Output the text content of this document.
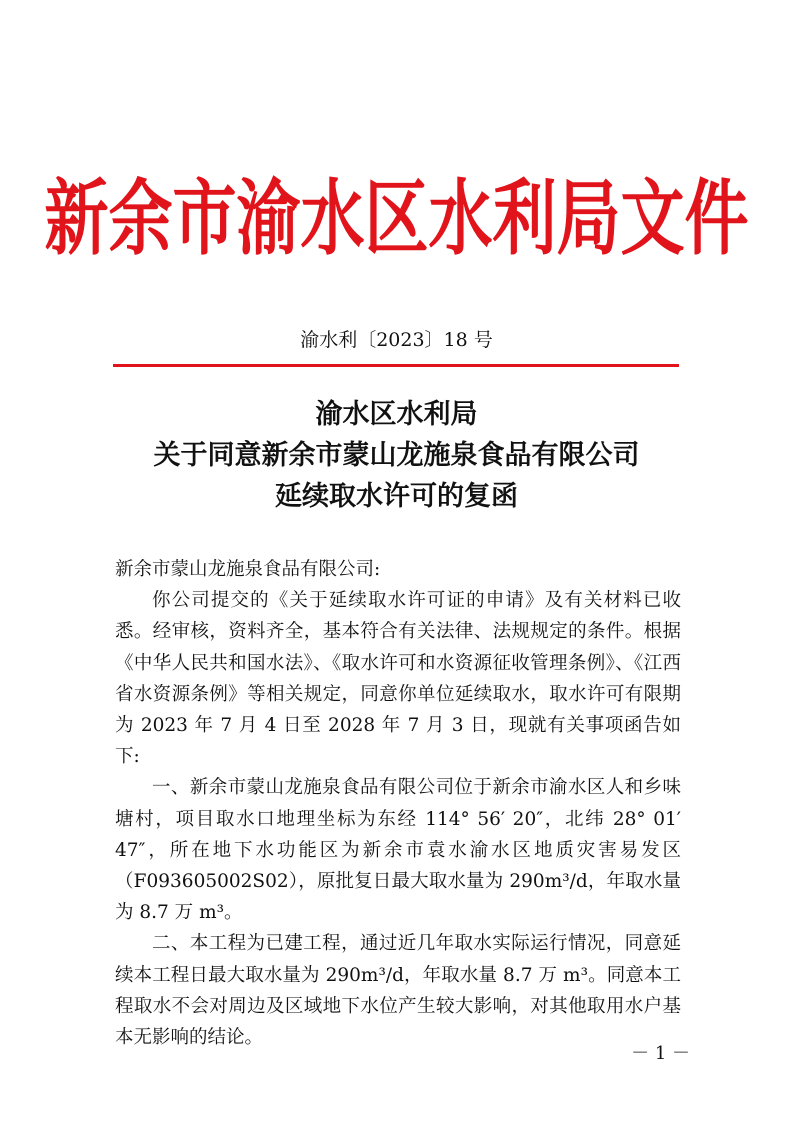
新余市渝水区水利局文件
渝水利〔2023〕18 号
渝水区水利局
关于同意新余市蒙山龙施泉食品有限公司
延续取水许可的复函

新余市蒙山龙施泉食品有限公司:

你公司提交的《关于延续取水许可证的申请》及有关材料已收悉。经审核，资料齐全，基本符合有关法律、法规规定的条件。根据《中华人民共和国水法》、《取水许可和水资源征收管理条例》、《江西省水资源条例》等相关规定，同意你单位延续取水，取水许可有限期为 2023 年 7 月 4 日至 2028 年 7 月 3 日，现就有关事项函告如下:

一、新余市蒙山龙施泉食品有限公司位于新余市渝水区人和乡味塘村，项目取水口地理坐标为东经 114° 56′ 20″，北纬 28° 01′ 47″，所在地下水功能区为新余市袁水渝水区地质灾害易发区（F093605002S02），原批复日最大取水量为 290m³/d，年取水量为 8.7 万 m³。

二、本工程为已建工程，通过近几年取水实际运行情况，同意延续本工程日最大取水量为 290m³/d，年取水量 8.7 万 m³。同意本工程取水不会对周边及区域地下水位产生较大影响，对其他取用水户基本无影响的结论。

－ 1 －
